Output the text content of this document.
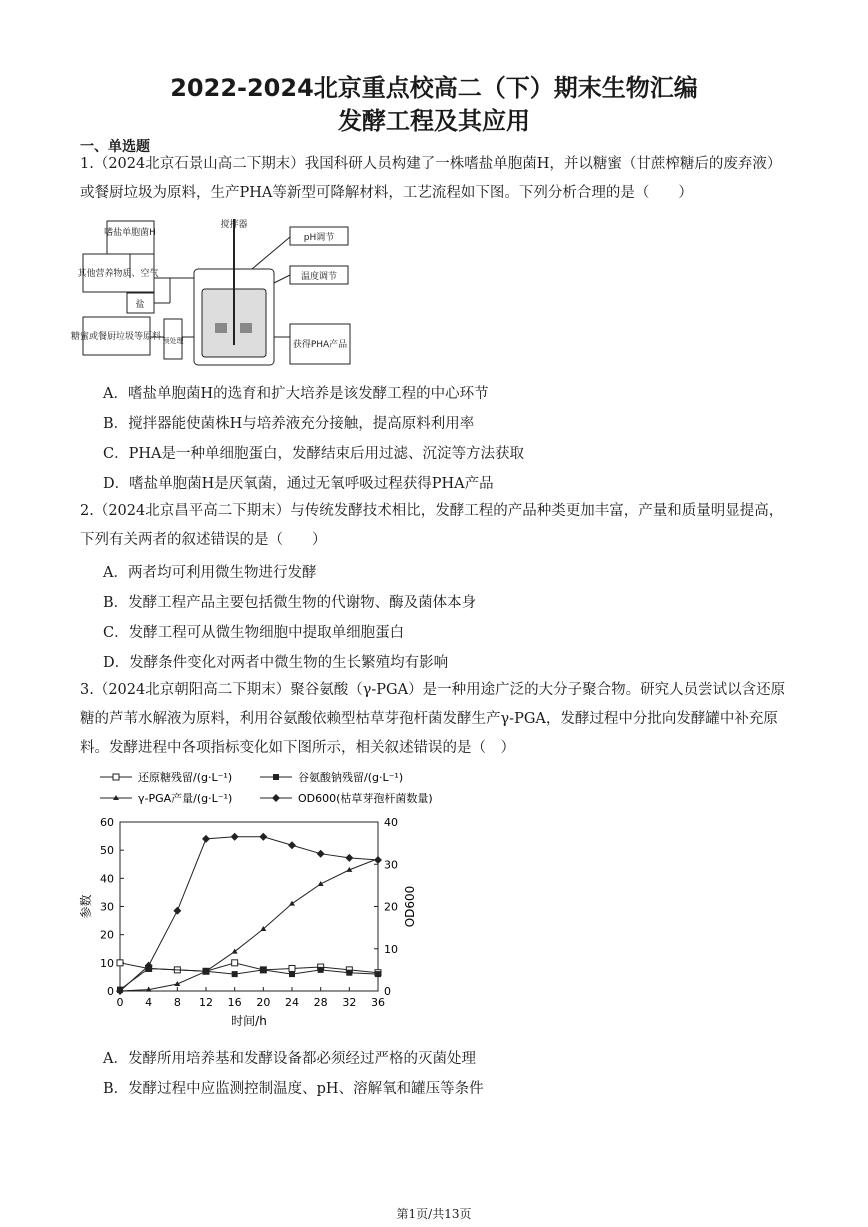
2022-2024北京重点校高二（下）期末生物汇编
发酵工程及其应用
一、单选题
1.（2024北京石景山高二下期末）我国科研人员构建了一株嗜盐单胞菌H，并以糖蜜（甘蔗榨糖后的废弃液）或餐厨垃圾为原料，生产PHA等新型可降解材料，工艺流程如下图。下列分析合理的是（　　）
嗜盐单胞菌H
其他营养物质、空气
盐
糖蜜或餐厨垃圾等原料 预处理
搅拌器
pH调节
温度调节
获得PHA产品
A．嗜盐单胞菌H的选育和扩大培养是该发酵工程的中心环节
B．搅拌器能使菌株H与培养液充分接触，提高原料利用率
C．PHA是一种单细胞蛋白，发酵结束后用过滤、沉淀等方法获取
D．嗜盐单胞菌H是厌氧菌，通过无氧呼吸过程获得PHA产品
2.（2024北京昌平高二下期末）与传统发酵技术相比，发酵工程的产品种类更加丰富，产量和质量明显提高，下列有关两者的叙述错误的是（　　）
A．两者均可利用微生物进行发酵
B．发酵工程产品主要包括微生物的代谢物、酶及菌体本身
C．发酵工程可从微生物细胞中提取单细胞蛋白
D．发酵条件变化对两者中微生物的生长繁殖均有影响
3.（2024北京朝阳高二下期末）聚谷氨酸（γ-PGA）是一种用途广泛的大分子聚合物。研究人员尝试以含还原糖的芦苇水解液为原料，利用谷氨酸依赖型枯草芽孢杆菌发酵生产γ-PGA，发酵过程中分批向发酵罐中补充原料。发酵进程中各项指标变化如下图所示，相关叙述错误的是（　）
还原糖残留/(g·L⁻¹)	谷氨酸钠残留/(g·L⁻¹)
γ-PGA产量/(g·L⁻¹)	OD600(枯草芽孢杆菌数量)
0 4 8 12 16 20 24 28 32 36
0
10
20
30
40
50
60
0
10
20
30
40
时间/h
参数	OD600
A．发酵所用培养基和发酵设备都必须经过严格的灭菌处理
B．发酵过程中应监测控制温度、pH、溶解氧和罐压等条件
第1页/共13页
